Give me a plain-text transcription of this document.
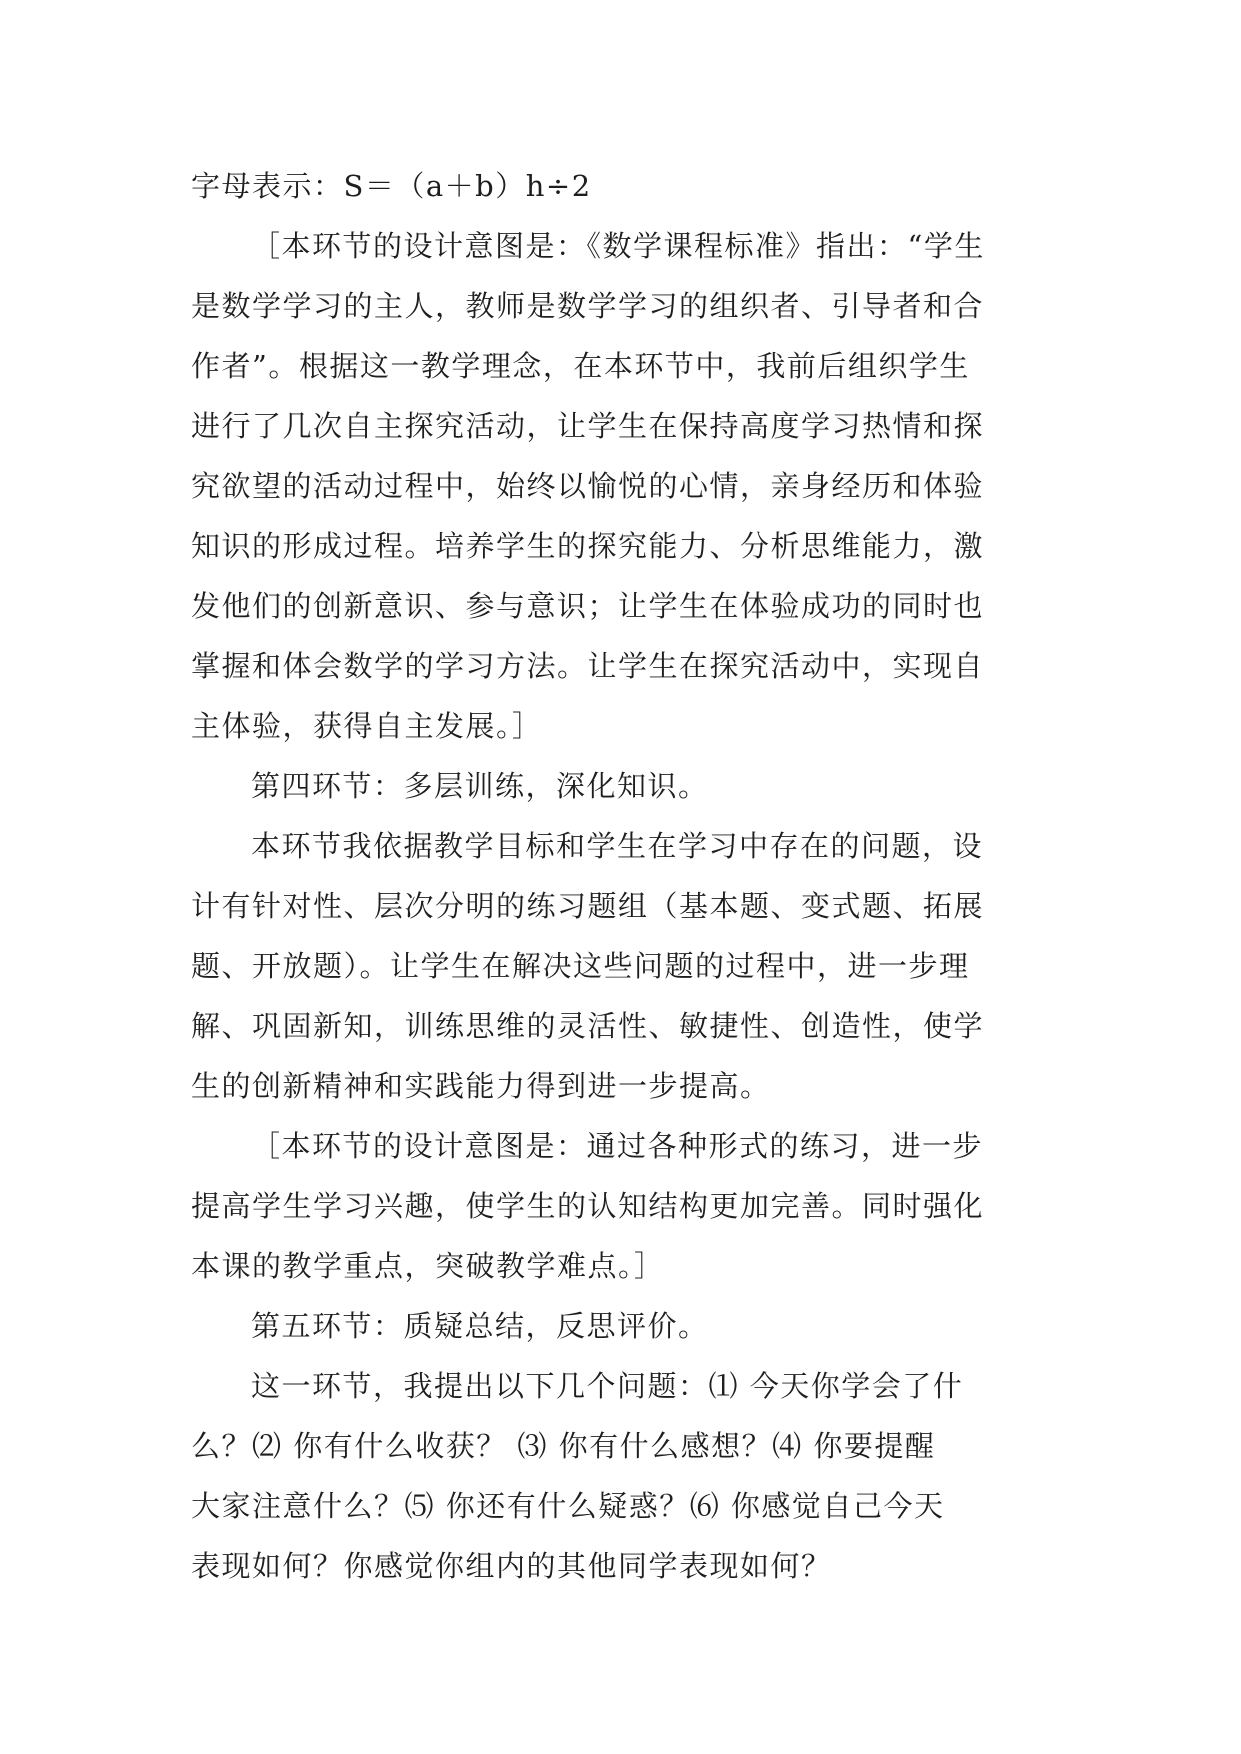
字母表示：S＝（a＋b）h÷2
［本环节的设计意图是：《数学课程标准》指出：“学生
是数学学习的主人，教师是数学学习的组织者、引导者和合
作者”。根据这一教学理念，在本环节中，我前后组织学生
进行了几次自主探究活动，让学生在保持高度学习热情和探
究欲望的活动过程中，始终以愉悦的心情，亲身经历和体验
知识的形成过程。培养学生的探究能力、分析思维能力，激
发他们的创新意识、参与意识；让学生在体验成功的同时也
掌握和体会数学的学习方法。让学生在探究活动中，实现自
主体验，获得自主发展。］
第四环节：多层训练，深化知识。
本环节我依据教学目标和学生在学习中存在的问题，设
计有针对性、层次分明的练习题组（基本题、变式题、拓展
题、开放题）。让学生在解决这些问题的过程中，进一步理
解、巩固新知，训练思维的灵活性、敏捷性、创造性，使学
生的创新精神和实践能力得到进一步提高。
［本环节的设计意图是：通过各种形式的练习，进一步
提高学生学习兴趣，使学生的认知结构更加完善。同时强化
本课的教学重点，突破教学难点。］
第五环节：质疑总结，反思评价。
这一环节，我提出以下几个问题：⑴ 今天你学会了什
么？⑵ 你有什么收获？ ⑶ 你有什么感想？⑷ 你要提醒
大家注意什么？⑸ 你还有什么疑惑？⑹ 你感觉自己今天
表现如何？你感觉你组内的其他同学表现如何？
